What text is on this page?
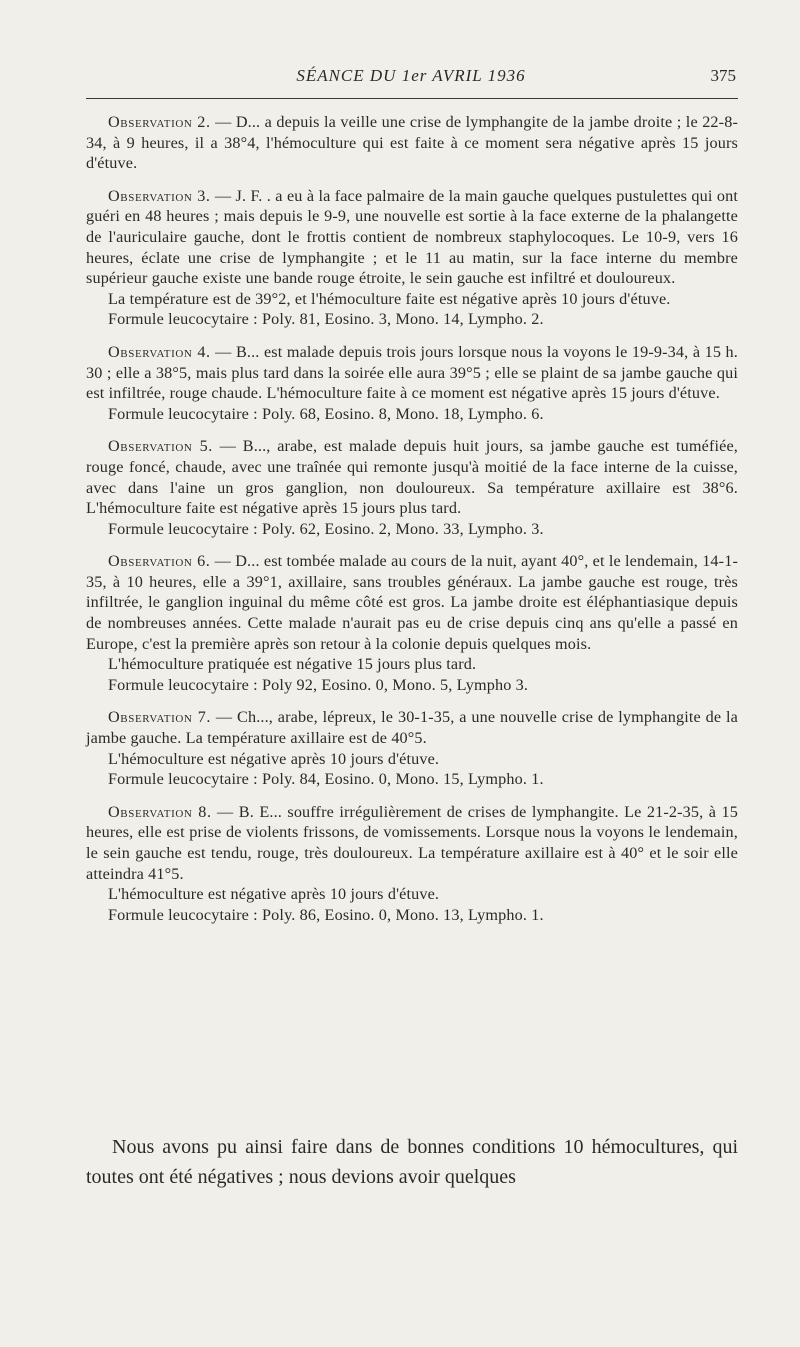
SÉANCE DU 1er AVRIL 1936	375

Observation 2. — D... a depuis la veille une crise de lymphangite de la jambe droite ; le 22-8-34, à 9 heures, il a 38°4, l'hémoculture qui est faite à ce moment sera négative après 15 jours d'étuve.

Observation 3. — J. F. . a eu à la face palmaire de la main gauche quelques pustulettes qui ont guéri en 48 heures ; mais depuis le 9-9, une nouvelle est sortie à la face externe de la phalangette de l'auriculaire gauche, dont le frottis contient de nombreux staphylocoques. Le 10-9, vers 16 heures, éclate une crise de lymphangite ; et le 11 au matin, sur la face interne du membre supérieur gauche existe une bande rouge étroite, le sein gauche est infiltré et douloureux.

La température est de 39°2, et l'hémoculture faite est négative après 10 jours d'étuve.

Formule leucocytaire : Poly. 81, Eosino. 3, Mono. 14, Lympho. 2.

Observation 4. — B... est malade depuis trois jours lorsque nous la voyons le 19-9-34, à 15 h. 30 ; elle a 38°5, mais plus tard dans la soirée elle aura 39°5 ; elle se plaint de sa jambe gauche qui est infiltrée, rouge chaude. L'hémoculture faite à ce moment est négative après 15 jours d'étuve.

Formule leucocytaire : Poly. 68, Eosino. 8, Mono. 18, Lympho. 6.

Observation 5. — B..., arabe, est malade depuis huit jours, sa jambe gauche est tuméfiée, rouge foncé, chaude, avec une traînée qui remonte jusqu'à moitié de la face interne de la cuisse, avec dans l'aine un gros ganglion, non douloureux. Sa température axillaire est 38°6. L'hémoculture faite est négative après 15 jours plus tard.

Formule leucocytaire : Poly. 62, Eosino. 2, Mono. 33, Lympho. 3.

Observation 6. — D... est tombée malade au cours de la nuit, ayant 40°, et le lendemain, 14-1-35, à 10 heures, elle a 39°1, axillaire, sans troubles généraux. La jambe gauche est rouge, très infiltrée, le ganglion inguinal du même côté est gros. La jambe droite est éléphantiasique depuis de nombreuses années. Cette malade n'aurait pas eu de crise depuis cinq ans qu'elle a passé en Europe, c'est la première après son retour à la colonie depuis quelques mois.

L'hémoculture pratiquée est négative 15 jours plus tard.

Formule leucocytaire : Poly 92, Eosino. 0, Mono. 5, Lympho 3.

Observation 7. — Ch..., arabe, lépreux, le 30-1-35, a une nouvelle crise de lymphangite de la jambe gauche. La température axillaire est de 40°5.

L'hémoculture est négative après 10 jours d'étuve.

Formule leucocytaire : Poly. 84, Eosino. 0, Mono. 15, Lympho. 1.

Observation 8. — B. E... souffre irrégulièrement de crises de lymphangite. Le 21-2-35, à 15 heures, elle est prise de violents frissons, de vomissements. Lorsque nous la voyons le lendemain, le sein gauche est tendu, rouge, très douloureux. La température axillaire est à 40° et le soir elle atteindra 41°5.

L'hémoculture est négative après 10 jours d'étuve.

Formule leucocytaire : Poly. 86, Eosino. 0, Mono. 13, Lympho. 1.

Nous avons pu ainsi faire dans de bonnes conditions 10 hémocultures, qui toutes ont été négatives ; nous devions avoir quelques
